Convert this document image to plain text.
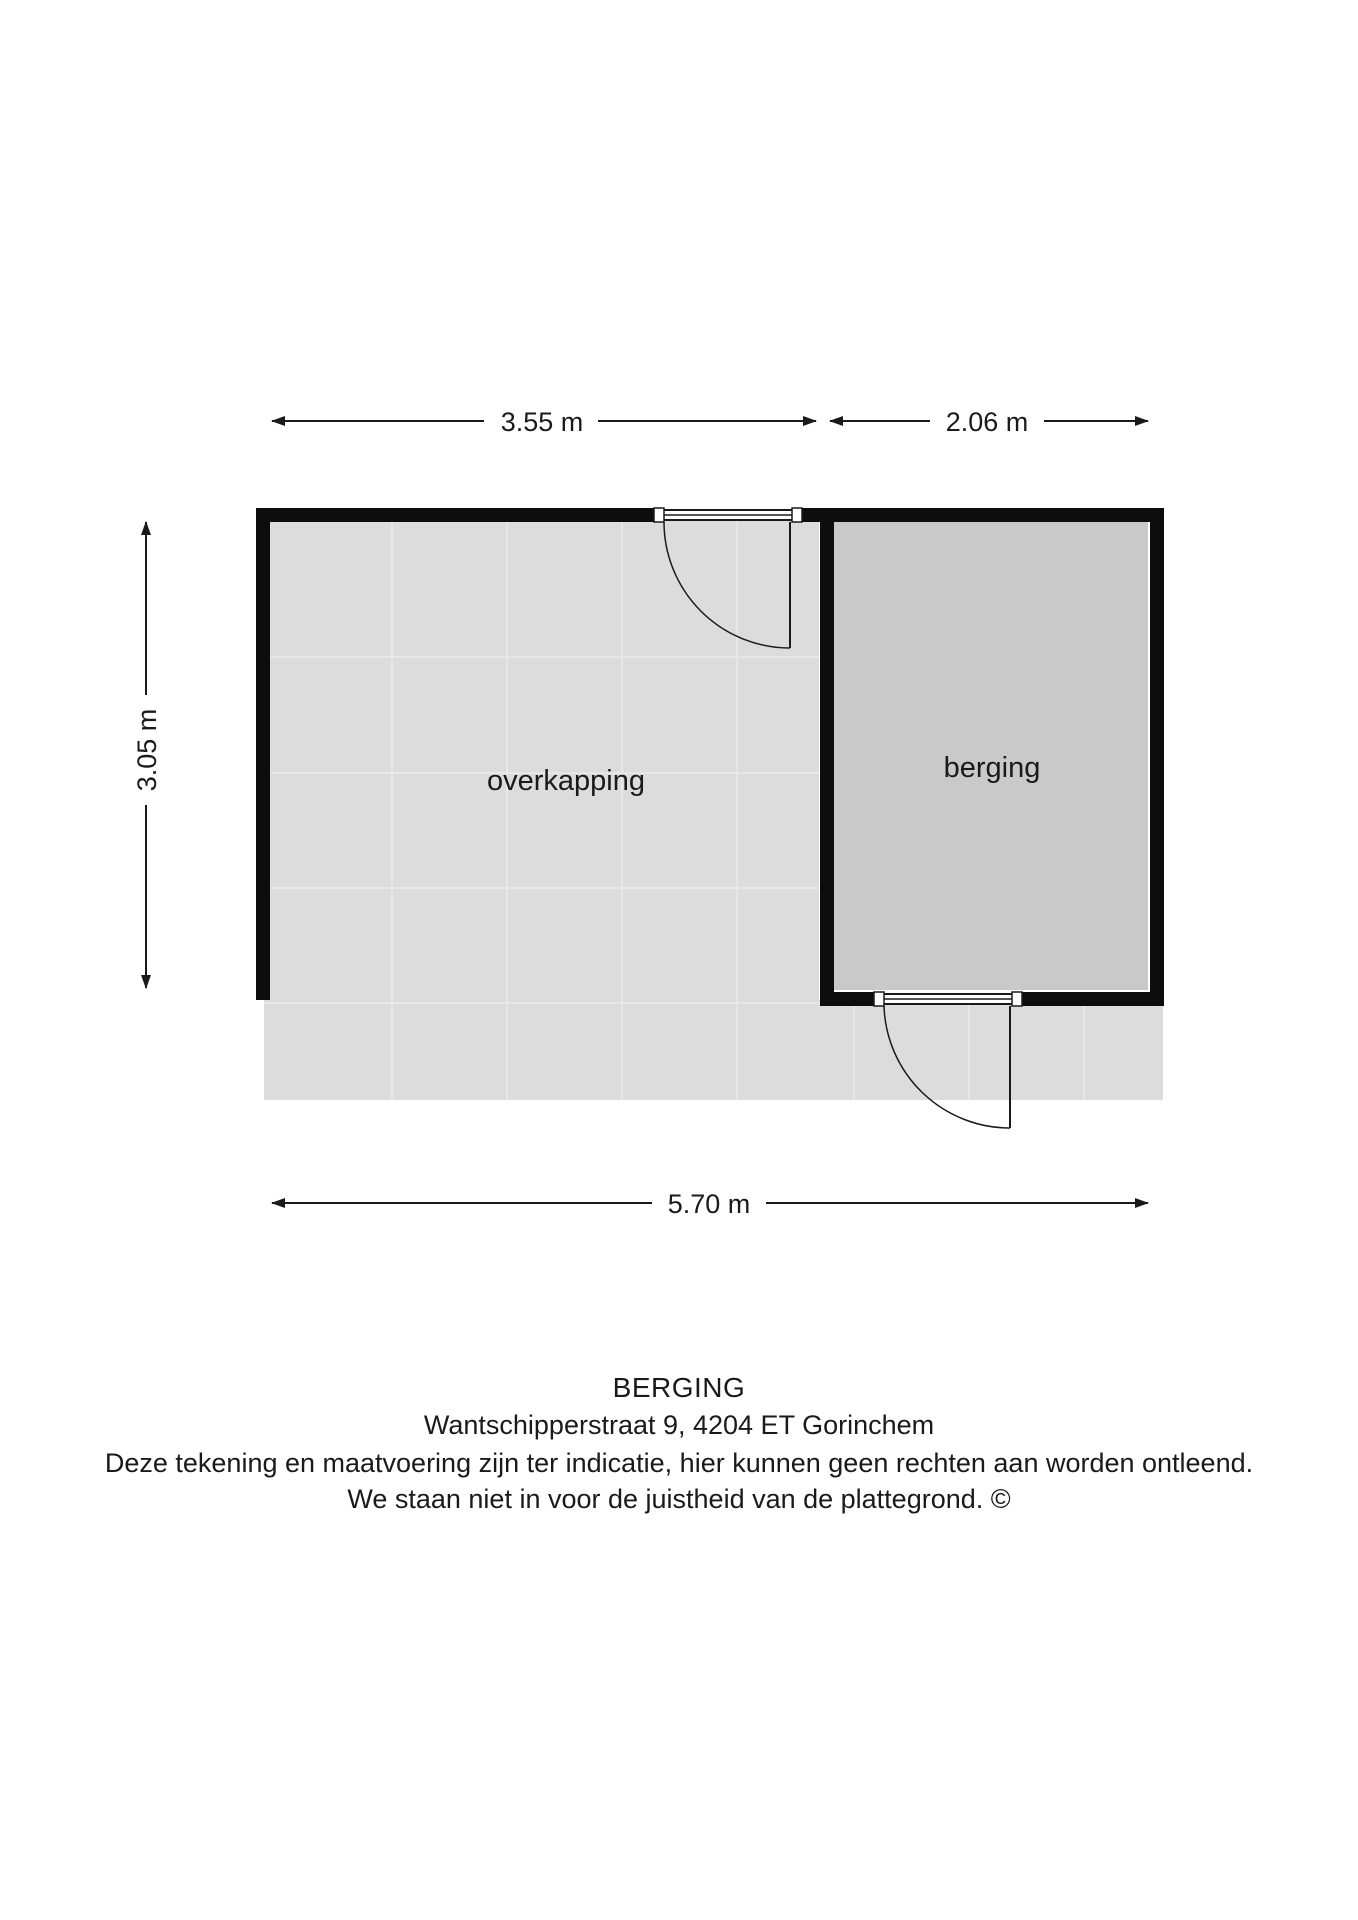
overkapping	berging
3.55 m	2.06 m
3.05 m
5.70 m
BERGING
Wantschipperstraat 9, 4204 ET Gorinchem
Deze tekening en maatvoering zijn ter indicatie, hier kunnen geen rechten aan worden ontleend.
We staan niet in voor de juistheid van de plattegrond. ©
